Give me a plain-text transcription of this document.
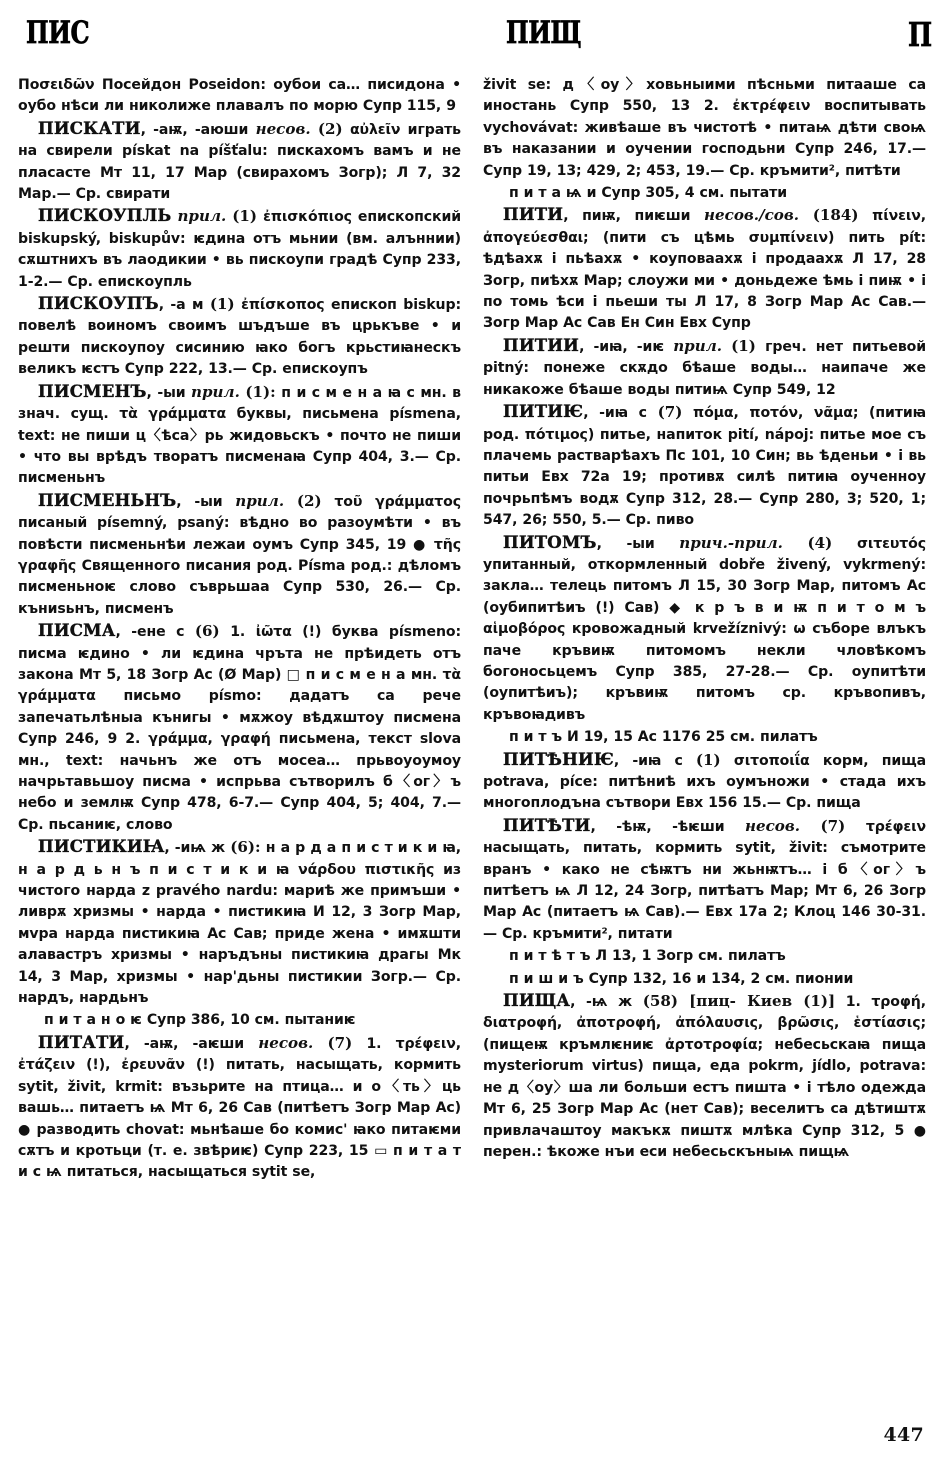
ПИС	ПИЩ	П

Ποσειδῶν Посейдон Poseidon: оубои са… писидона • оубо нѣси ли николиже плавалъ по морю Супр 115, 9

ПИСКАТИ, -аѭ, -аюши несов. (2) αὐλεῖν играть на свирели pískat na píšťalu: пискахомъ вамъ и не пласасте Мт 11, 17 Мар (свирахомъ Зогр); Л 7, 32 Мар.— Ср. свирати

ПИСКОУПЛЬ прил. (1) ἐπισκόπιος епископский biskupský, biskupův: ѥдина отъ мьнии (вм. алъннии) сѫштнихъ въ лаодикии • вь пискоупи градѣ Супр 233, 1-2.— Ср. епискоупль

ПИСКОУПЪ, -а м (1) ἐπίσκοπος епископ biskup: повелѣ воиномъ своимъ шъдъше въ црькъве • и решти пискоупоу сисинию ꙗко богъ крьстиꙗнескъ великъ ѥстъ Супр 222, 13.— Ср. епискоупъ

ПИСМЕНЪ, -ыи прил. (1): п и с м е н а ꙗ с мн. в знач. сущ. τὰ γράμματα буквы, письмена písmena, text: не пиши ц〈ѣса〉рь жидовьскъ • почто не пиши • что вы врѣдъ творатъ писменаꙗ Супр 404, 3.— Ср. писменьнъ

ПИСМЕНЬНЪ, -ыи прил. (2) τοῦ γράμματος писаный písemný, psaný: вѣдно во разоумѣти • въ повѣсти писменьнѣи лежаи оумъ Супр 345, 19 ● τῆς γραφῆς Священного писания род. Písma род.: дѣломъ писменьноѥ слово съврьшаа Супр 530, 26.— Ср. къниѕьнъ, писменъ

ПИСМА, -ене с (6) 1. ἰῶτα (!) буква písmeno: писма ѥдино • ли ѥдина чръта не прѣидеть отъ закона Мт 5, 18 Зогр Ас (Ø Мар) □ п и с м е н а мн. τὰ γράμματα письмо písmo: дадатъ са рече запечатьлѣныа кънигы • мѫжоу вѣдѫштоу писмена Супр 246, 9 2. γράμμα, γραφή письмена, текст slova мн., text: начьнъ же отъ мосеа… прьвоуоумоу начрьтавьшоу писма • испрьва сътворилъ б〈ог〉ъ небо и землѭ Супр 478, 6-7.— Супр 404, 5; 404, 7.— Ср. пьсаниѥ, слово

ПИСТИКИꙖ, -иѩ ж (6): н а р д а п и с т и к и ꙗ, н а р д ь н ъ п и с т и к и ꙗ νάρδου πιστικῆς из чистого нарда z pravého nardu: мариѣ же примъши • ливрѫ хризмы • нарда • пистикиꙗ И 12, 3 Зогр Мар, мvра нарда пистикиꙗ Ас Сав; приде жена • имѫшти алавастръ хризмы • наръдъны пистикиꙗ драгы Мк 14, 3 Мар, хризмы • нар'дьны пистикии Зогр.— Ср. нардъ, нардьнъ

п и т а н о ѥ Супр 386, 10 см. пытаниѥ

ПИТАТИ, -аѭ, -аѥши несов. (7) 1. τρέφειν, ἐτάζειν (!), ἐρευνᾶν (!) питать, насыщать, кормить sytit, živit, krmit: възьрите на птица… и о〈ть〉ць вашь… питаетъ ѩ Мт 6, 26 Сав (питѣетъ Зогр Мар Ас) ● разводить chovat: мьнѣаше бо комис' ꙗко питаѥми сѫтъ и кротьци (т. е. звѣриѥ) Супр 223, 15 ▭ п и т а т и с ѩ питаться, насыщаться sytit se,

živit se: д〈оу〉ховьныими пѣсньми питааше са иностань Супр 550, 13 2. ἐκτρέφειν воспитывать vychovávat: живѣаше въ чистотѣ • питаѩ дѣти своѩ въ наказании и оучении господьни Супр 246, 17.— Супр 19, 13; 429, 2; 453, 19.— Ср. кръмити², питѣти

п и т а ѩ и Супр 305, 4 см. пытати

ПИТИ, пиѭ, пиѥши несов./сов. (184) πίνειν, ἀπογεύεσθαι; (пити съ цѣмь συμπίνειν) пить pít: ѣдѣахѫ і пьѣахѫ • коуповаахѫ і продаахѫ Л 17, 28 Зогр, пиѣхѫ Мар; слоужи ми • доньдеже ѣмь і пиѭ • і по томь ѣси і пьеши ты Л 17, 8 Зогр Мар Ас Сав.— Зогр Мар Ас Сав Ен Син Евх Супр

ПИТИИ, -иꙗ, -иѥ прил. (1) греч. нет питьевой pitný: понеже скѫдо бѣаше воды… наипаче же никакоже бѣаше воды питиѩ Супр 549, 12

ПИТИѤ, -иꙗ с (7) πόμα, ποτόν, νᾶμα; (питиꙗ род. πότιμος) питье, напиток pití, nápoj: питье мое съ плачемь растварѣахъ Пс 101, 10 Син; вь ѣденьи • і вь питьи Евх 72а 19; противѫ силѣ питиꙗ оученноу почрьпѣмъ водѫ Супр 312, 28.— Супр 280, 3; 520, 1; 547, 26; 550, 5.— Ср. пиво

ПИТОМЪ, -ыи прич.-прил. (4) σιτευτός упитанный, откормленный dobře živený, vykrmený: закла… телець питомъ Л 15, 30 Зогр Мар, питомъ Ас (оубипитѣиъ (!) Сав) ◆ к р ъ в и ѭ п и т о м ъ αἱμοβόρος кровожадный krvežíznivý: ѡ съборе влъкъ паче кръвиѭ питомомъ некли чловѣкомъ богоносьцемъ Супр 385, 27-28.— Ср. оупитѣти (оупитѣиъ); кръвиѭ питомъ ср. кръвопивъ, кръвоꙗдивъ

п и т ъ И 19, 15 Ас 1176 25 см. пилатъ

ПИТѢНИѤ, -иꙗ с (1) σιτοποιΐα корм, пища potrava, píce: питѣниѣ ихъ оумъножи • стада ихъ многоплодъна сътвори Евх 156 15.— Ср. пища

ПИТѢТИ, -ѣѭ, -ѣѥши несов. (7) τρέφειν насыщать, питать, кормить sytit, živit: съмотрите вранъ • како не сѣѭтъ ни жьнѭтъ… і б〈ог〉ъ питѣетъ ѩ Л 12, 24 Зогр, питѣатъ Мар; Мт 6, 26 Зогр Мар Ас (питаетъ ѩ Сав).— Евх 17а 2; Клоц 146 30-31.— Ср. кръмити², питати

п и т ѣ т ъ Л 13, 1 Зогр см. пилатъ

п и ш и ъ Супр 132, 16 и 134, 2 см. пионии

ПИЩА, -ѩ ж (58) [пиц- Киев (1)] 1. τροφή, διατροφή, ἀποτροφή, ἀπόλαυσις, βρῶσις, ἑστίασις; (пищеѭ кръмлѥниѥ ἀρτοτροφία; небесьскаꙗ пища mysteriorum virtus) пища, еда pokrm, jídlo, potrava: не д〈оу〉ша ли больши естъ пишта • і тѣло одежда Мт 6, 25 Зогр Мар Ас (нет Сав); веселитъ са дѣтиштѫ привлачаштоу макъкѫ пиштѫ млѣка Супр 312, 5 ● перен.: ѣкоже нъи еси небесьскъныѩ пищѩ

447
